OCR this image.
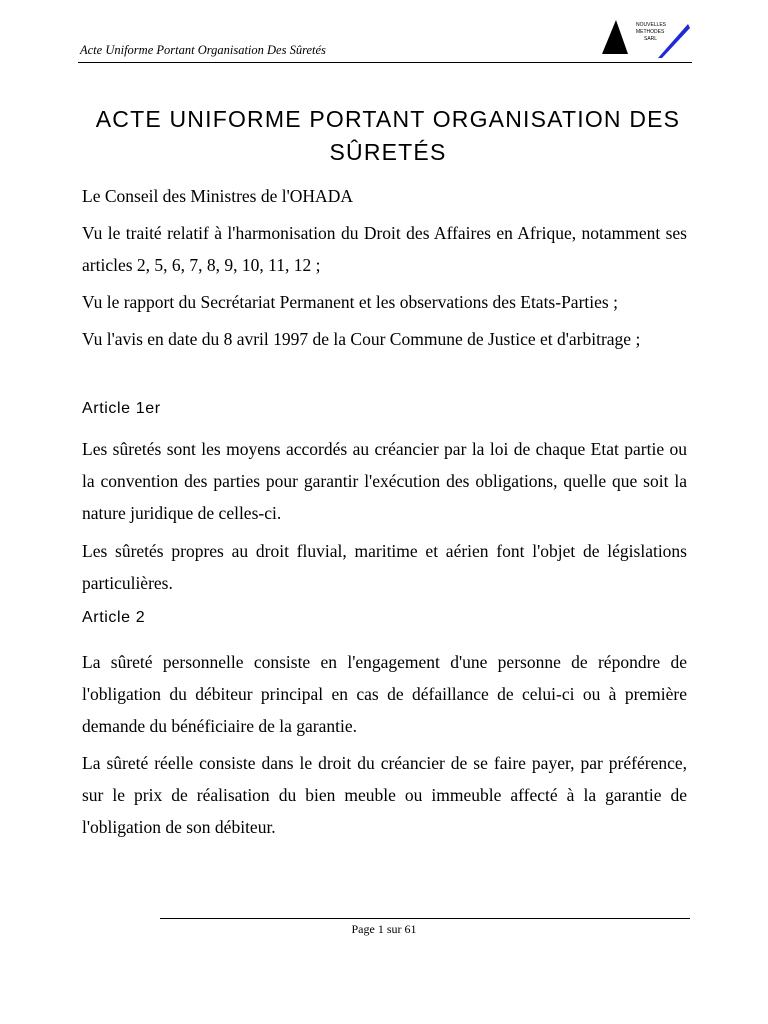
Acte Uniforme Portant Organisation Des Sûretés
NOUVELLES
METHODES
SARL
ACTE UNIFORME PORTANT ORGANISATION DES
SÛRETÉS

Le Conseil des Ministres de l'OHADA

Vu le traité relatif à l'harmonisation du Droit des Affaires en Afrique, notamment ses articles 2, 5, 6, 7, 8, 9, 10, 11, 12 ;

Vu le rapport du Secrétariat Permanent et les observations des Etats-Parties ;

Vu l'avis en date du 8 avril 1997 de la Cour Commune de Justice et d'arbitrage ;

Article 1er

Les sûretés sont les moyens accordés au créancier par la loi de chaque Etat partie ou la convention des parties pour garantir l'exécution des obligations, quelle que soit la nature juridique de celles-ci.

Les sûretés propres au droit fluvial, maritime et aérien font l'objet de législations particulières.

Article 2

La sûreté personnelle consiste en l'engagement d'une personne de répondre de l'obligation du débiteur principal en cas de défaillance de celui-ci ou à première demande du bénéficiaire de la garantie.

La sûreté réelle consiste dans le droit du créancier de se faire payer, par préférence, sur le prix de réalisation du bien meuble ou immeuble affecté à la garantie de l'obligation de son débiteur.

Page 1 sur 61
